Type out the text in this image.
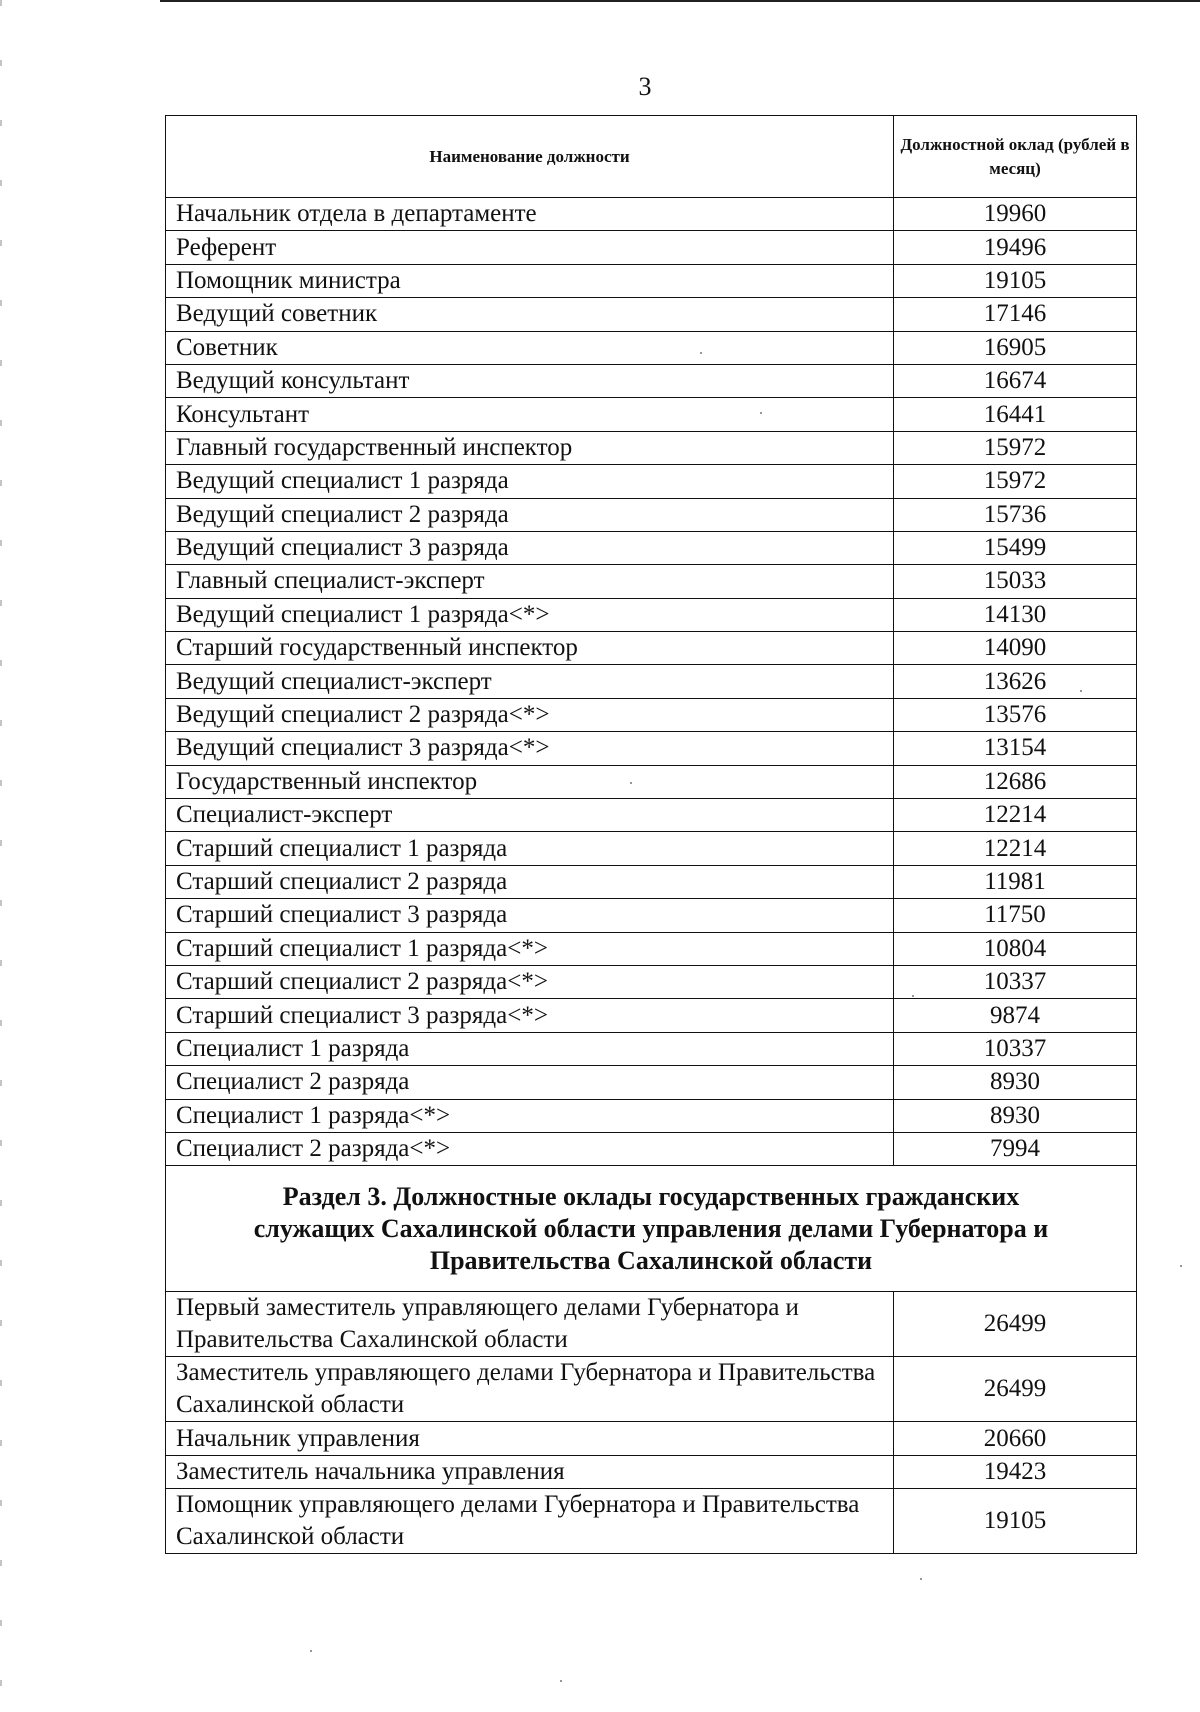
3
Наименование должности	Должностной оклад (рублей в месяц)
Начальник отдела в департаменте	19960
Референт	19496
Помощник министра	19105
Ведущий советник	17146
Советник	16905
Ведущий консультант	16674
Консультант	16441
Главный государственный инспектор	15972
Ведущий специалист 1 разряда	15972
Ведущий специалист 2 разряда	15736
Ведущий специалист 3 разряда	15499
Главный специалист-эксперт	15033
Ведущий специалист 1 разряда<*>	14130
Старший государственный инспектор	14090
Ведущий специалист-эксперт	13626
Ведущий специалист 2 разряда<*>	13576
Ведущий специалист 3 разряда<*>	13154
Государственный инспектор	12686
Специалист-эксперт	12214
Старший специалист 1 разряда	12214
Старший специалист 2 разряда	11981
Старший специалист 3 разряда	11750
Старший специалист 1 разряда<*>	10804
Старший специалист 2 разряда<*>	10337
Старший специалист 3 разряда<*>	9874
Специалист 1 разряда	10337
Специалист 2 разряда	8930
Специалист 1 разряда<*>	8930
Специалист 2 разряда<*>	7994
Раздел 3. Должностные оклады государственных гражданских служащих Сахалинской области управления делами Губернатора и Правительства Сахалинской области	
Первый заместитель управляющего делами Губернатора и Правительства Сахалинской области	26499
Заместитель управляющего делами Губернатора и Правительства Сахалинской области	26499
Начальник управления	20660
Заместитель начальника управления	19423
Помощник управляющего делами Губернатора и Правительства Сахалинской области	19105
